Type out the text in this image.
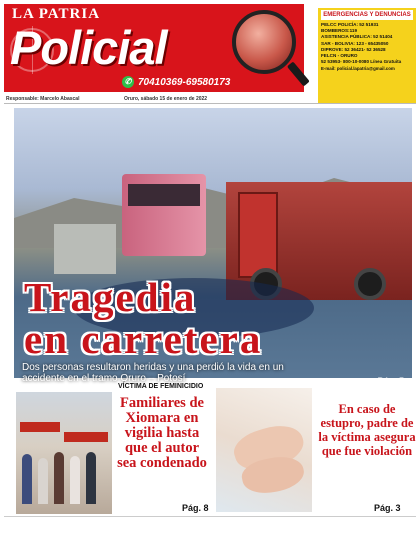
LA PATRIA
Policial
✆ 70410369-69580173
EMERGENCIAS Y DENUNCIAS
PELCC POLICÍA: 52 51931
BOMBEROS:119
ASISTENCIA PÚBLICA: 52 51404
SAR - BOLIVIA: 123 - 65435050
DIPROVE: 52 36421- 52 36528
FELCN - ORURO
52 53953- 800-10-0080 Línea Gratuita
E-mail: policial.lapatria@gmail.com
Responsable: Marcelo Abascal	Oruro, sábado 15 de enero de 2022
Tragedia
en carretera
Dos personas resultaron heridas y una perdió la vida en un accidente en el tramo Oruro – Potosí	Pág. 5
VÍCTIMA DE FEMINICIDIO
Familiares de Xiomara en vigilia hasta que el autor sea condenado
Pág. 8
En caso de estupro, padre de la víctima asegura que fue violación
Pág. 3
